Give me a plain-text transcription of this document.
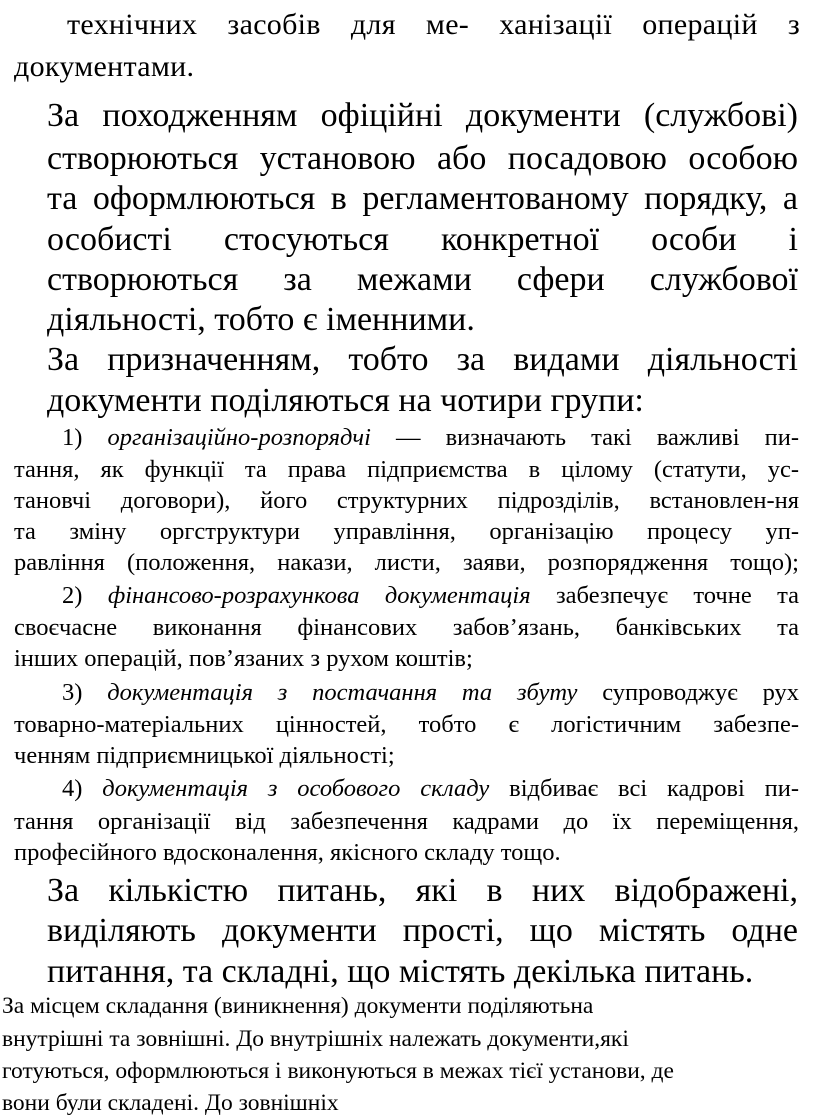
технічних засобів для ме- ханізації операцій з
документами.
За походженням офіційні документи (службові)
створюються установою або посадовою особою
та оформлюються в регламентованому порядку, а
особисті стосуються конкретної особи і
створюються за межами сфери службової
діяльності, тобто є іменними.
За призначенням, тобто за видами діяльності
документи поділяються на чотири групи:
1) організаційно-розпорядчі — визначають такі важливі пи-
тання, як функції та права підприємства в цілому (статути, ус-
тановчі договори), його структурних підрозділів, встановлен-ня
та зміну оргструктури управління, організацію процесу уп-
равління (положення, накази, листи, заяви, розпорядження тощо);
2) фінансово-розрахункова документація забезпечує точне та
своєчасне виконання фінансових забов’язань, банківських та
інших операцій, пов’язаних з рухом коштів;
3) документація з постачання та збуту супроводжує рух
товарно-матеріальних цінностей, тобто є логістичним забезпе-
ченням підприємницької діяльності;
4) документація з особового складу відбиває всі кадрові пи-
тання організації від забезпечення кадрами до їх переміщення,
професійного вдосконалення, якісного складу тощо.
За кількістю питань, які в них відображені,
виділяють документи прості, що містять одне
питання, та складні, що містять декілька питань.
За місцем складання (виникнення) документи поділяютьна
внутрішні та зовнішні. До внутрішніх належать документи,які
готуються, оформлюються і виконуються в межах тієї установи, де
вони були складені. До зовнішніх
